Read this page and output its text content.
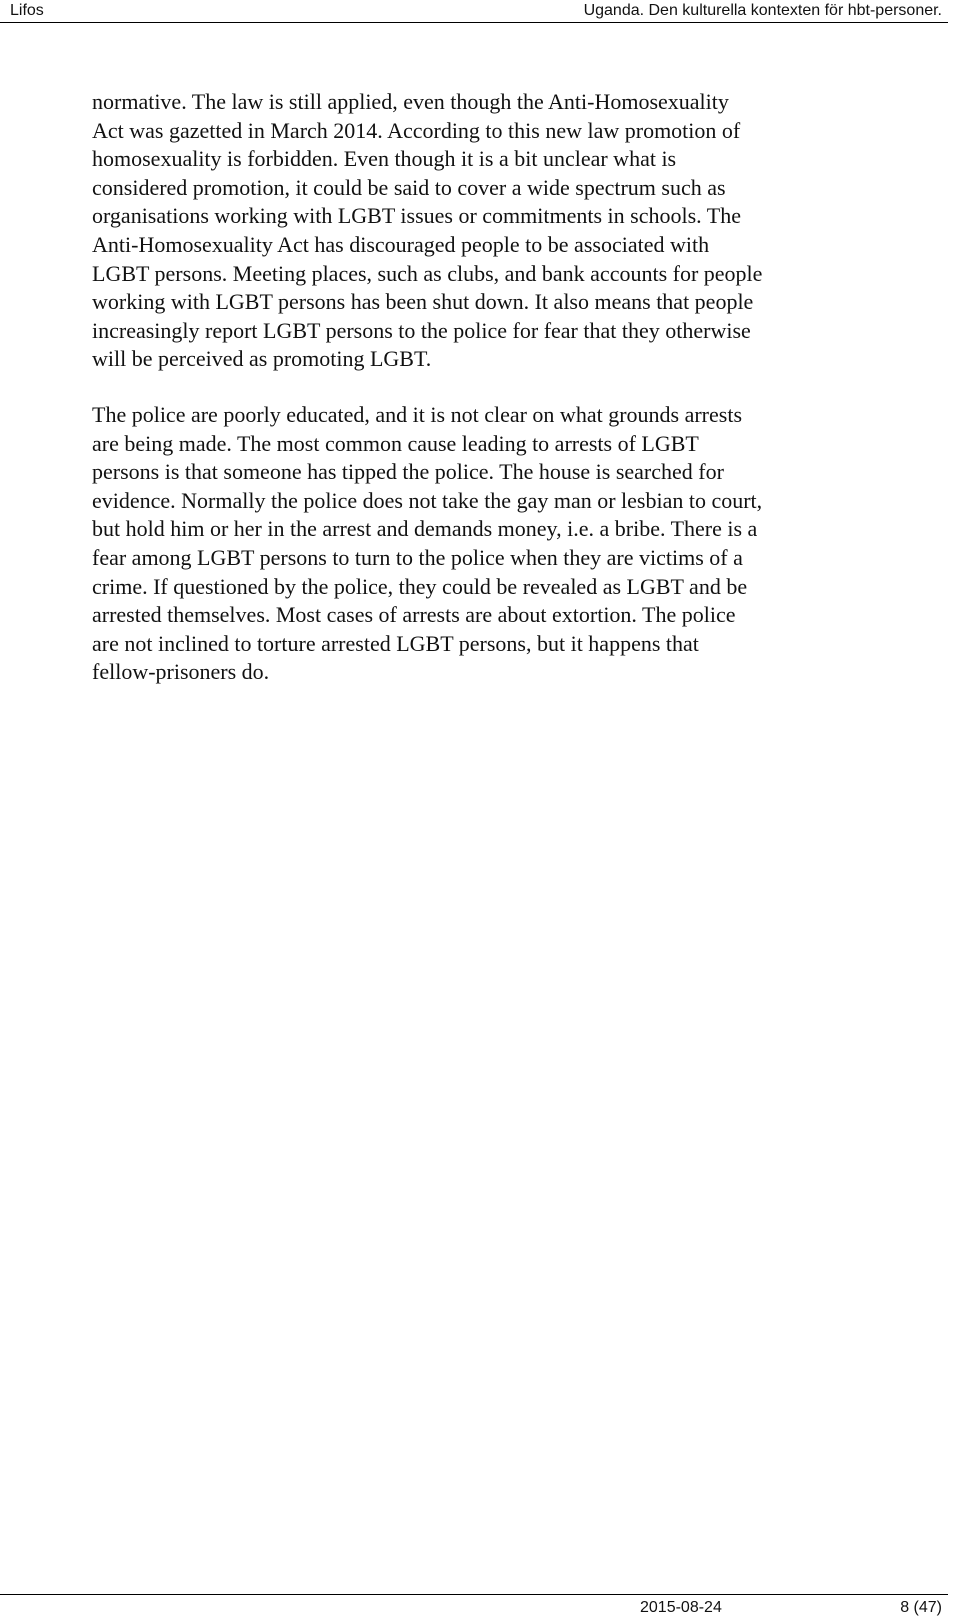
Lifos	Uganda. Den kulturella kontexten för hbt-personer.
normative. The law is still applied, even though the Anti-Homosexuality
Act was gazetted in March 2014. According to this new law promotion of
homosexuality is forbidden. Even though it is a bit unclear what is
considered promotion, it could be said to cover a wide spectrum such as
organisations working with LGBT issues or commitments in schools. The
Anti-Homosexuality Act has discouraged people to be associated with
LGBT persons. Meeting places, such as clubs, and bank accounts for people
working with LGBT persons has been shut down. It also means that people
increasingly report LGBT persons to the police for fear that they otherwise
will be perceived as promoting LGBT.
The police are poorly educated, and it is not clear on what grounds arrests
are being made. The most common cause leading to arrests of LGBT
persons is that someone has tipped the police. The house is searched for
evidence. Normally the police does not take the gay man or lesbian to court,
but hold him or her in the arrest and demands money, i.e. a bribe. There is a
fear among LGBT persons to turn to the police when they are victims of a
crime. If questioned by the police, they could be revealed as LGBT and be
arrested themselves. Most cases of arrests are about extortion. The police
are not inclined to torture arrested LGBT persons, but it happens that
fellow-prisoners do.
2015-08-24	8 (47)
